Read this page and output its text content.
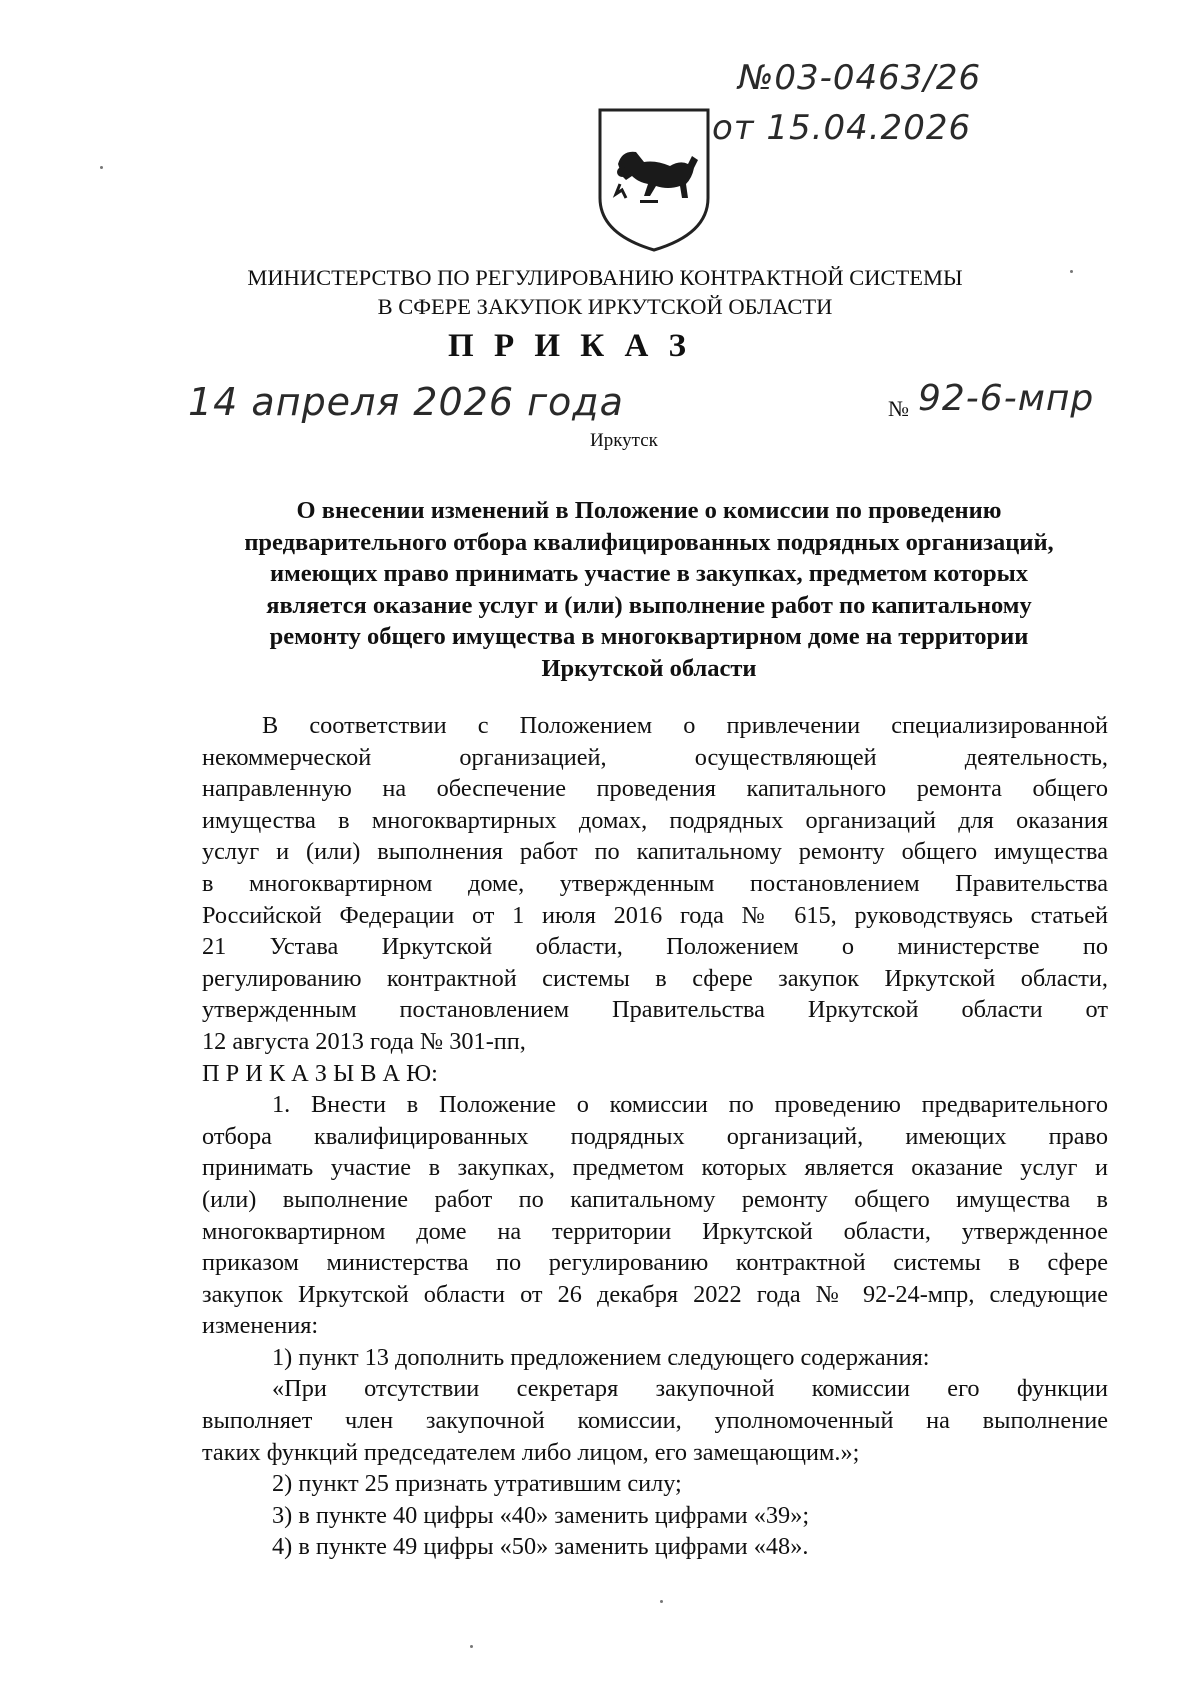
№03-0463/26
от 15.04.2026
МИНИСТЕРСТВО ПО РЕГУЛИРОВАНИЮ КОНТРАКТНОЙ СИСТЕМЫ
В СФЕРЕ ЗАКУПОК ИРКУТСКОЙ ОБЛАСТИ
П Р И К А З
14 апреля 2026 года	№ 92-6-мпр
Иркутск
О внесении изменений в Положение о комиссии по проведению
предварительного отбора квалифицированных подрядных организаций,
имеющих право принимать участие в закупках, предметом которых
является оказание услуг и (или) выполнение работ по капитальному
ремонту общего имущества в многоквартирном доме на территории
Иркутской области
В соответствии с Положением о привлечении специализированной
некоммерческой организацией, осуществляющей деятельность,
направленную на обеспечение проведения капитального ремонта общего
имущества в многоквартирных домах, подрядных организаций для оказания
услуг и (или) выполнения работ по капитальному ремонту общего имущества
в многоквартирном доме, утвержденным постановлением Правительства
Российской Федерации от 1 июля 2016 года № 615, руководствуясь статьей
21 Устава Иркутской области, Положением о министерстве по
регулированию контрактной системы в сфере закупок Иркутской области,
утвержденным постановлением Правительства Иркутской области от
12 августа 2013 года № 301-пп,
П Р И К А З Ы В А Ю:
1. Внести в Положение о комиссии по проведению предварительного
отбора квалифицированных подрядных организаций, имеющих право
принимать участие в закупках, предметом которых является оказание услуг и
(или) выполнение работ по капитальному ремонту общего имущества в
многоквартирном доме на территории Иркутской области, утвержденное
приказом министерства по регулированию контрактной системы в сфере
закупок Иркутской области от 26 декабря 2022 года № 92-24-мпр, следующие
изменения:
1) пункт 13 дополнить предложением следующего содержания:
«При отсутствии секретаря закупочной комиссии его функции
выполняет член закупочной комиссии, уполномоченный на выполнение
таких функций председателем либо лицом, его замещающим.»;
2) пункт 25 признать утратившим силу;
3) в пункте 40 цифры «40» заменить цифрами «39»;
4) в пункте 49 цифры «50» заменить цифрами «48».
